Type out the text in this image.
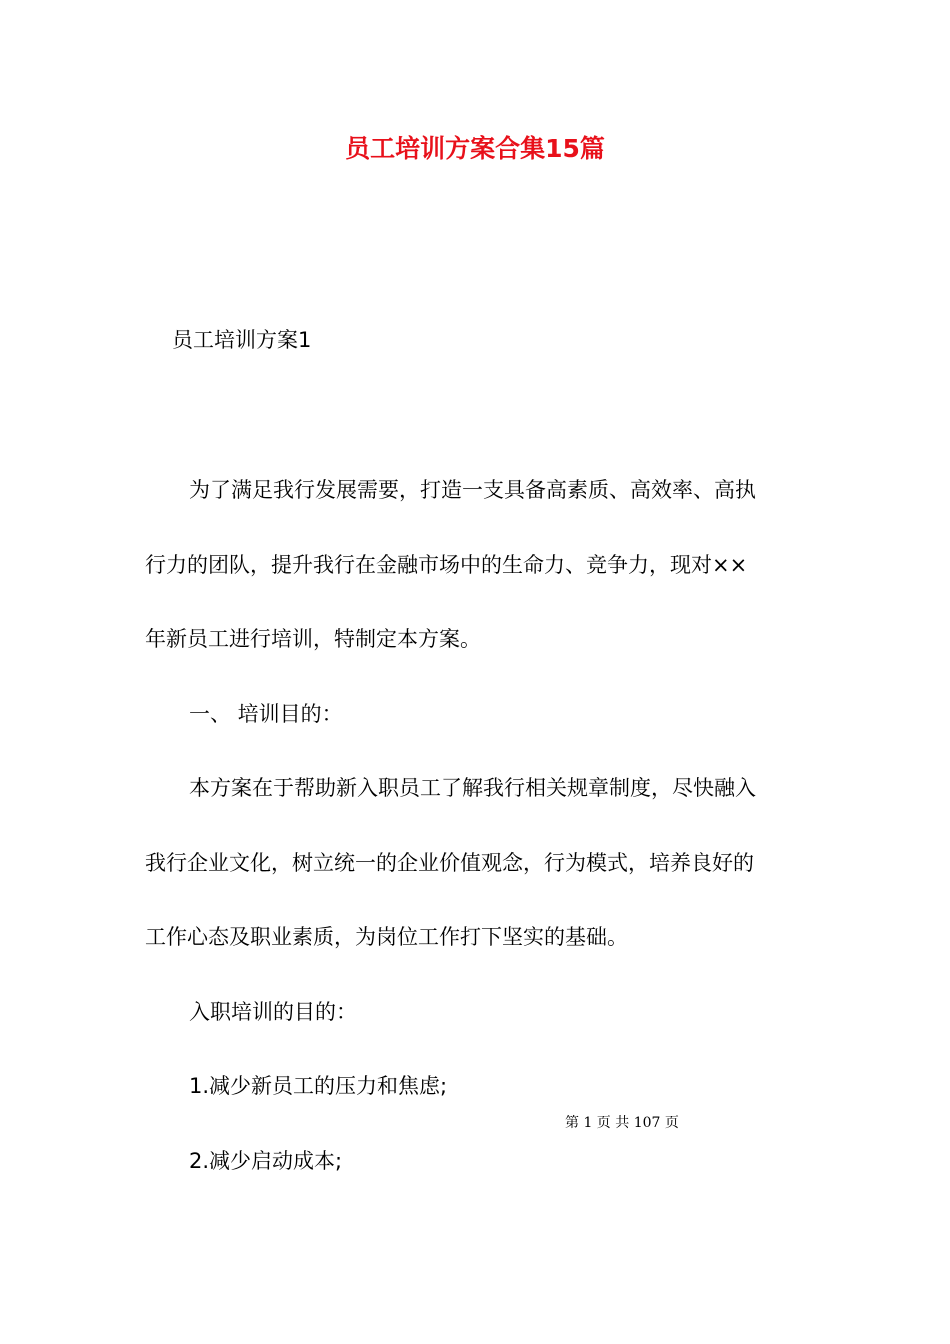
员工培训方案合集15篇
员工培训方案1
为了满足我行发展需要，打造一支具备高素质、高效率、高执
行力的团队，提升我行在金融市场中的生命力、竞争力，现对××
年新员工进行培训，特制定本方案。
一、 培训目的：
本方案在于帮助新入职员工了解我行相关规章制度，尽快融入
我行企业文化，树立统一的企业价值观念，行为模式，培养良好的
工作心态及职业素质，为岗位工作打下坚实的基础。
入职培训的目的：
1.减少新员工的压力和焦虑;
2.减少启动成本;
第 1 页 共 107 页
